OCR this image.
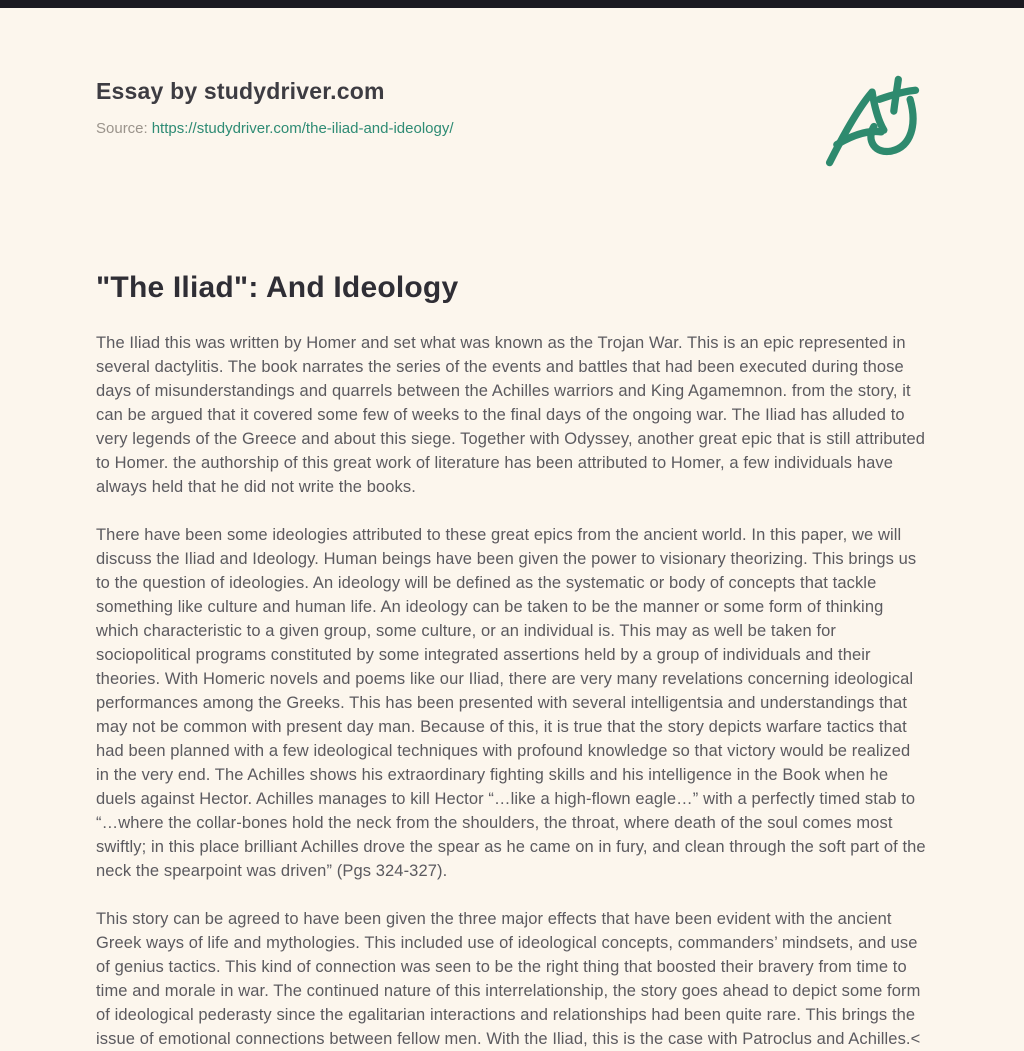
Essay by studydriver.com
Source: https://studydriver.com/the-iliad-and-ideology/
"The Iliad": And Ideology

The Iliad this was written by Homer and set what was known as the Trojan War. This is an epic represented in several dactylitis. The book narrates the series of the events and battles that had been executed during those days of misunderstandings and quarrels between the Achilles warriors and King Agamemnon. from the story, it can be argued that it covered some few of weeks to the final days of the ongoing war. The Iliad has alluded to very legends of the Greece and about this siege. Together with Odyssey, another great epic that is still attributed to Homer. the authorship of this great work of literature has been attributed to Homer, a few individuals have always held that he did not write the books.

There have been some ideologies attributed to these great epics from the ancient world. In this paper, we will discuss the Iliad and Ideology. Human beings have been given the power to visionary theorizing. This brings us to the question of ideologies. An ideology will be defined as the systematic or body of concepts that tackle something like culture and human life. An ideology can be taken to be the manner or some form of thinking which characteristic to a given group, some culture, or an individual is. This may as well be taken for sociopolitical programs constituted by some integrated assertions held by a group of individuals and their theories. With Homeric novels and poems like our Iliad, there are very many revelations concerning ideological performances among the Greeks. This has been presented with several intelligentsia and understandings that may not be common with present day man. Because of this, it is true that the story depicts warfare tactics that had been planned with a few ideological techniques with profound knowledge so that victory would be realized in the very end. The Achilles shows his extraordinary fighting skills and his intelligence in the Book when he duels against Hector. Achilles manages to kill Hector “…like a high-flown eagle…” with a perfectly timed stab to “…where the collar-bones hold the neck from the shoulders, the throat, where death of the soul comes most swiftly; in this place brilliant Achilles drove the spear as he came on in fury, and clean through the soft part of the neck the spearpoint was driven” (Pgs 324-327).

This story can be agreed to have been given the three major effects that have been evident with the ancient Greek ways of life and mythologies. This included use of ideological concepts, commanders’ mindsets, and use of genius tactics. This kind of connection was seen to be the right thing that boosted their bravery from time to time and morale in war. The continued nature of this interrelationship, the story goes ahead to depict some form of ideological pederasty since the egalitarian interactions and relationships had been quite rare. This brings the issue of emotional connections between fellow men. With the Iliad, this is the case with Patroclus and Achilles.<
